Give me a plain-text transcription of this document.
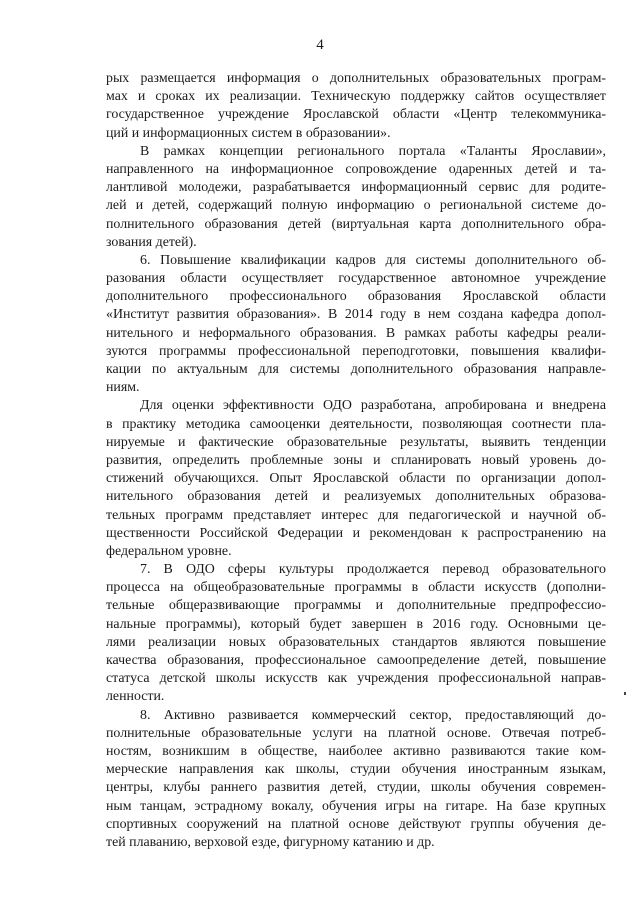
4
рых размещается информация о дополнительных образовательных програм-
мах и сроках их реализации. Техническую поддержку сайтов осуществляет
государственное учреждение Ярославской области «Центр телекоммуника-
ций и информационных систем в образовании».
В рамках концепции регионального портала «Таланты Ярославии»,
направленного на информационное сопровождение одаренных детей и та-
лантливой молодежи, разрабатывается информационный сервис для родите-
лей и детей, содержащий полную информацию о региональной системе до-
полнительного образования детей (виртуальная карта дополнительного обра-
зования детей).
6. Повышение квалификации кадров для системы дополнительного об-
разования области осуществляет государственное автономное учреждение
дополнительного профессионального образования Ярославской области
«Институт развития образования». В 2014 году в нем создана кафедра допол-
нительного и неформального образования. В рамках работы кафедры реали-
зуются программы профессиональной переподготовки, повышения квалифи-
кации по актуальным для системы дополнительного образования направле-
ниям.
Для оценки эффективности ОДО разработана, апробирована и внедрена
в практику методика самооценки деятельности, позволяющая соотнести пла-
нируемые и фактические образовательные результаты, выявить тенденции
развития, определить проблемные зоны и спланировать новый уровень до-
стижений обучающихся. Опыт Ярославской области по организации допол-
нительного образования детей и реализуемых дополнительных образова-
тельных программ представляет интерес для педагогической и научной об-
щественности Российской Федерации и рекомендован к распространению на
федеральном уровне.
7. В ОДО сферы культуры продолжается перевод образовательного
процесса на общеобразовательные программы в области искусств (дополни-
тельные общеразвивающие программы и дополнительные предпрофессио-
нальные программы), который будет завершен в 2016 году. Основными це-
лями реализации новых образовательных стандартов являются повышение
качества образования, профессиональное самоопределение детей, повышение
статуса детской школы искусств как учреждения профессиональной направ-
ленности.
8. Активно развивается коммерческий сектор, предоставляющий до-
полнительные образовательные услуги на платной основе. Отвечая потреб-
ностям, возникшим в обществе, наиболее активно развиваются такие ком-
мерческие направления как школы, студии обучения иностранным языкам,
центры, клубы раннего развития детей, студии, школы обучения современ-
ным танцам, эстрадному вокалу, обучения игры на гитаре. На базе крупных
спортивных сооружений на платной основе действуют группы обучения де-
тей плаванию, верховой езде, фигурному катанию и др.
